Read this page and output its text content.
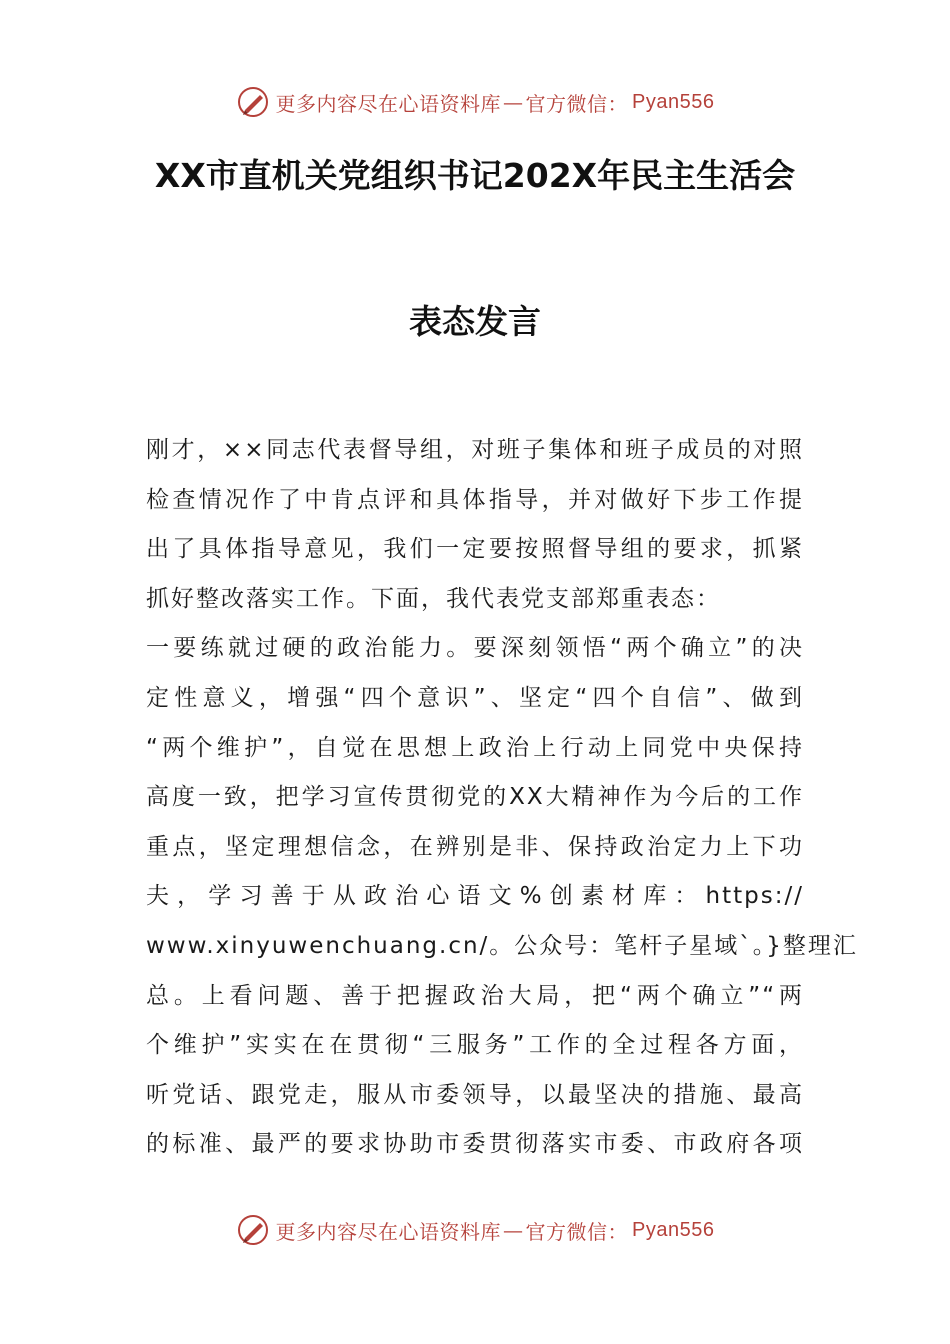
更多内容尽在心语资料库 — 官方微信 ： Pyan556
XX市直机关党组织书记202X年民主生活会
表态发言
刚才，××同志代表督导组，对班子集体和班子成员的对照
检查情况作了中肯点评和具体指导，并对做好下步工作提
出了具体指导意见，我们一定要按照督导组的要求，抓紧
抓好整改落实工作。下面，我代表党支部郑重表态：
一要练就过硬的政治能力。要深刻领悟“两个确立”的决
定性意义，增强“四个意识”、坚定“四个自信”、做到
“两个维护”，自觉在思想上政治上行动上同党中央保持
高度一致，把学习宣传贯彻党的XX大精神作为今后的工作
重点，坚定理想信念，在辨别是非、保持政治定力上下功
夫，学习善于从政治心语文%创素材库：https://
www.xinyuwenchuang.cn/。公众号：笔杆子星域`。}整理汇
总。上看问题、善于把握政治大局，把“两个确立”“两
个维护”实实在在贯彻“三服务”工作的全过程各方面，
听党话、跟党走，服从市委领导，以最坚决的措施、最高
的标准、最严的要求协助市委贯彻落实市委、市政府各项
更多内容尽在心语资料库 — 官方微信 ： Pyan556
